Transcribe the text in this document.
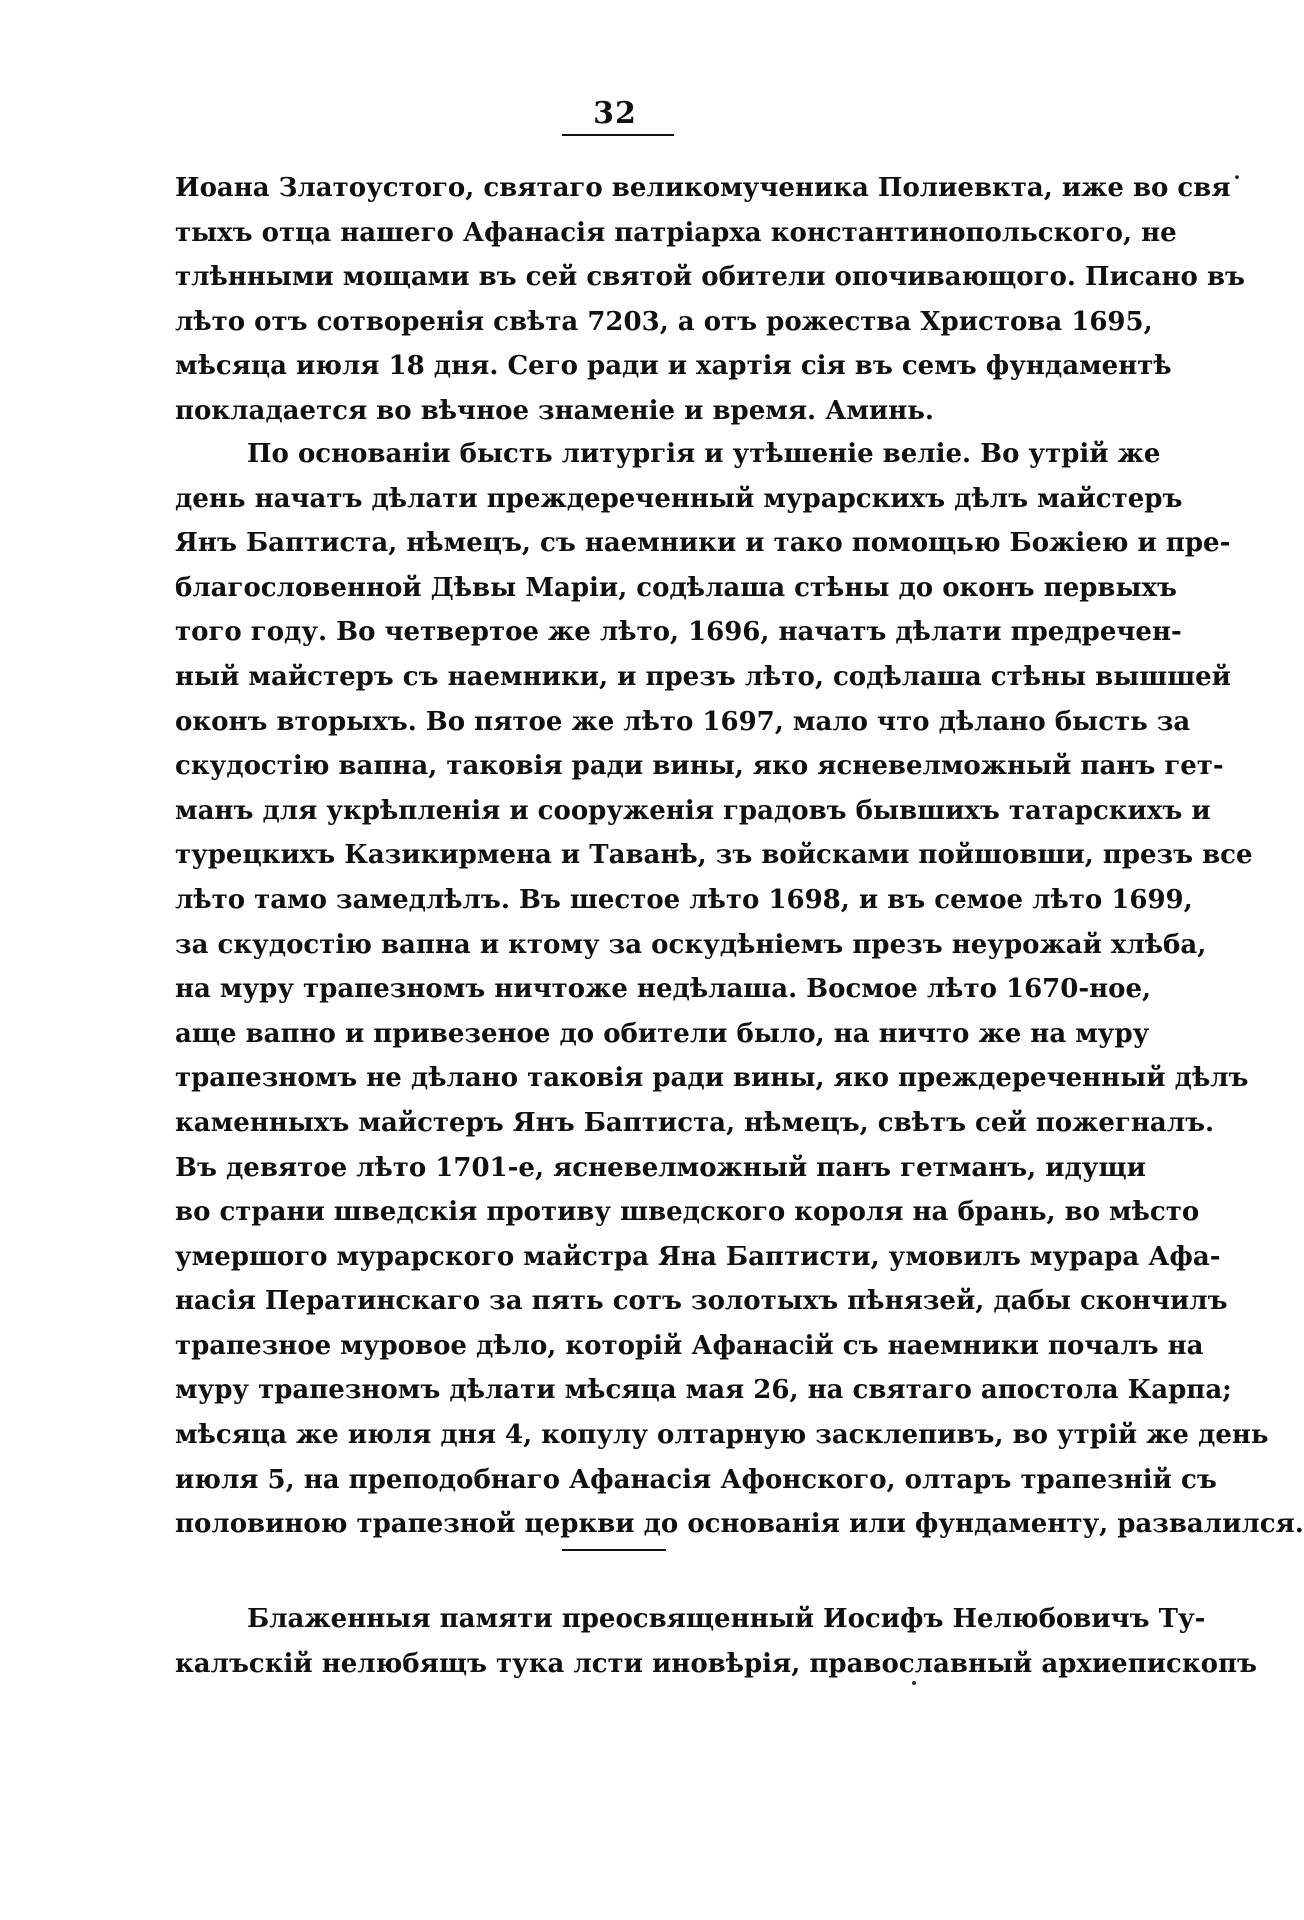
32
Иоана Златоустого, святаго великомученика Полиевкта, иже во свя˙
тыхъ отца нашего Афанасія патріарха константинопольского, не
тлѣнными мощами въ сей святой обители опочивающого. Писано въ
лѣто отъ сотворенія свѣта 7203, а отъ рожества Христова 1695,
мѣсяца июля 18 дня. Сего ради и хартія сія въ семъ фундаментѣ
покладается во вѣчное знаменіе и время. Аминь.
По основаніи бысть литургія и утѣшеніе веліе. Во утрій же
день начатъ дѣлати преждереченный мурарскихъ дѣлъ майстеръ
Янъ Баптиста, нѣмецъ, съ наемники и тако помощью Божіею и пре-
благословенной Дѣвы Маріи, содѣлаша стѣны до оконъ первыхъ
того году. Во четвертое же лѣто, 1696, начатъ дѣлати предречен-
ный майстеръ съ наемники, и презъ лѣто, содѣлаша стѣны вышшей
оконъ вторыхъ. Во пятое же лѣто 1697, мало что дѣлано бысть за
скудостію вапна, таковія ради вины, яко ясневелможный панъ гет-
манъ для укрѣпленія и сооруженія градовъ бывшихъ татарскихъ и
турецкихъ Казикирмена и Таванѣ, зъ войсками пойшовши, презъ все
лѣто тамо замедлѣлъ. Въ шестое лѣто 1698, и въ семое лѣто 1699,
за скудостію вапна и ктому за оскудѣніемъ презъ неурожай хлѣба,
на муру трапезномъ ничтоже недѣлаша. Восмое лѣто 1670-ное,
аще вапно и привезеное до обители было, на ничто же на муру
трапезномъ не дѣлано таковія ради вины, яко преждереченный дѣлъ
каменныхъ майстеръ Янъ Баптиста, нѣмецъ, свѣтъ сей пожегналъ.
Въ девятое лѣто 1701-е, ясневелможный панъ гетманъ, идущи
во страни шведскія противу шведского короля на брань, во мѣсто
умершого мурарского майстра Яна Баптисти, умовилъ мурара Афа-
насія Ператинскаго за пять сотъ золотыхъ пѣнязей, дабы скончилъ
трапезное муровое дѣло, которій Афанасій съ наемники почалъ на
муру трапезномъ дѣлати мѣсяца мая 26, на святаго апостола Карпа;
мѣсяца же июля дня 4, копулу олтарную засклепивъ, во утрій же день
июля 5, на преподобнаго Афанасія Афонского, олтаръ трапезній съ
половиною трапезной церкви до основанія или фундаменту, развалился.
Блаженныя памяти преосвященный Иосифъ Нелюбовичъ Ту-
калъскій нелюбящъ тука лсти иновѣрія, православный архиепископъ
